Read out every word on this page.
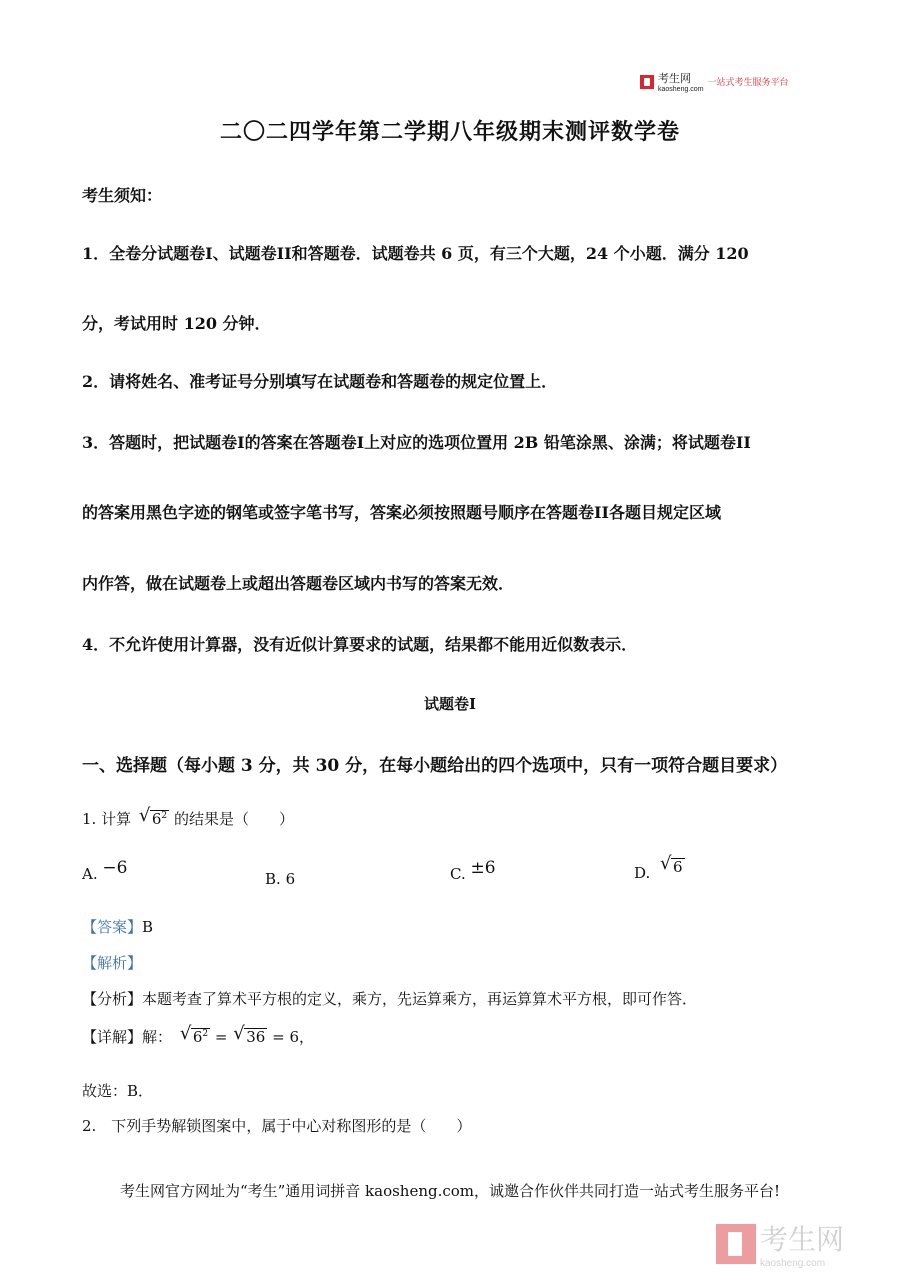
考生网
kaosheng.com
一站式考生服务平台
二〇二四学年第二学期八年级期末测评数学卷
考生须知：
1．全卷分试题卷I、试题卷II和答题卷．试题卷共 6 页，有三个大题，24 个小题．满分 120
分，考试用时 120 分钟．
2．请将姓名、准考证号分别填写在试题卷和答题卷的规定位置上．
3．答题时，把试题卷I的答案在答题卷I上对应的选项位置用 2B 铅笔涂黑、涂满；将试题卷II
的答案用黑色字迹的钢笔或签字笔书写，答案必须按照题号顺序在答题卷II各题目规定区域
内作答，做在试题卷上或超出答题卷区域内书写的答案无效．
4．不允许使用计算器，没有近似计算要求的试题，结果都不能用近似数表示．
试题卷I
一、选择题（每小题 3 分，共 30 分，在每小题给出的四个选项中，只有一项符合题目要求）
1. 计算 √ $6^2$ 的结果是（　　）
A. −6
B. 6	C. ±6	D. √ 6
【答案】B
【解析】
【分析】本题考查了算术平方根的定义，乘方，先运算乘方，再运算算术平方根，即可作答．
【详解】解： √ $6^2$ = √ 36 = 6，
故选：B．
2.　下列手势解锁图案中，属于中心对称图形的是（　　）
考生网官方网址为“考生”通用词拼音 kaosheng.com，诚邀合作伙伴共同打造一站式考生服务平台!
考生网
kaosheng.com
